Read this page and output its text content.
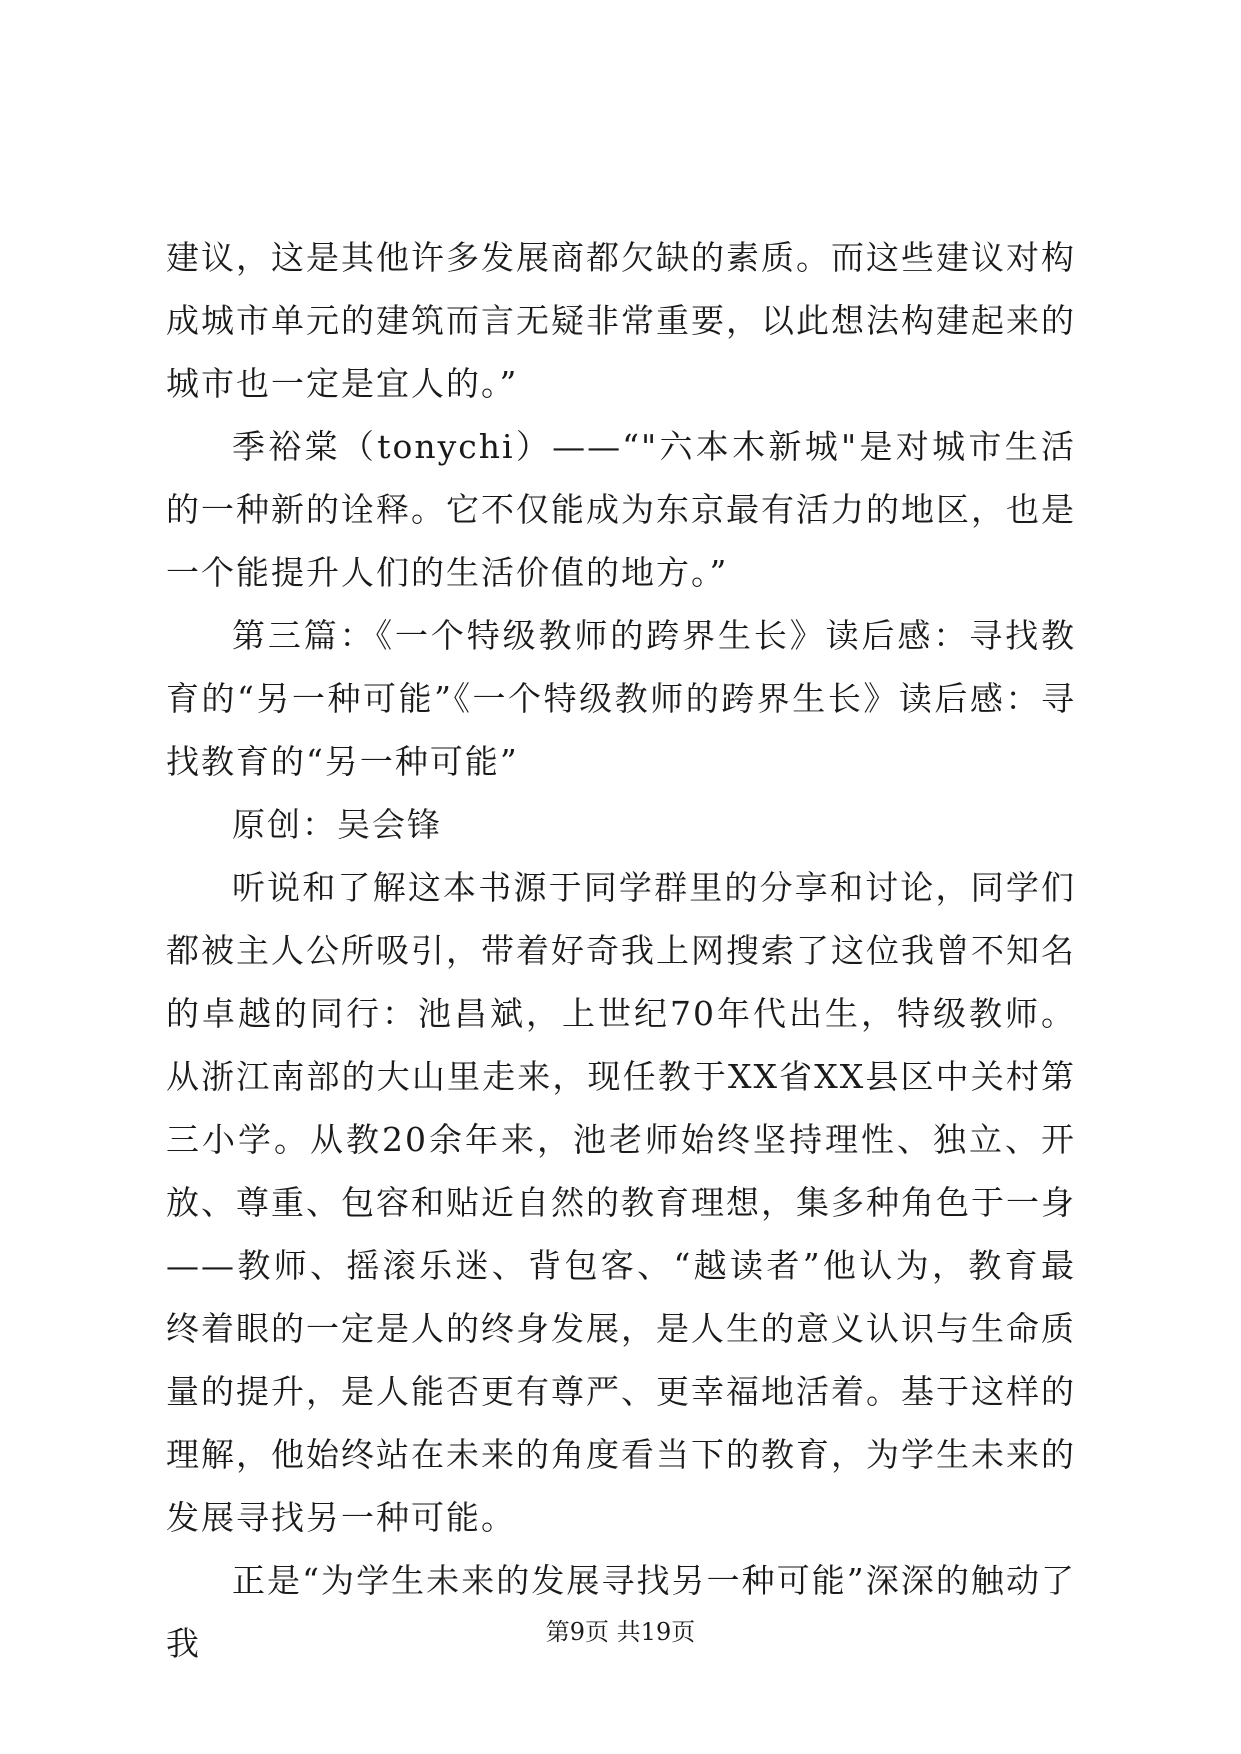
建议，这是其他许多发展商都欠缺的素质。而这些建议对构成城市单元的建筑而言无疑非常重要，以此想法构建起来的城市也一定是宜人的。”

季裕棠（tonychi）——“"六本木新城"是对城市生活的一种新的诠释。它不仅能成为东京最有活力的地区，也是一个能提升人们的生活价值的地方。”

第三篇：《一个特级教师的跨界生长》读后感：寻找教育的“另一种可能”《一个特级教师的跨界生长》读后感：寻找教育的“另一种可能”

原创：吴会锋

听说和了解这本书源于同学群里的分享和讨论，同学们都被主人公所吸引，带着好奇我上网搜索了这位我曾不知名的卓越的同行：池昌斌，上世纪70年代出生，特级教师。从浙江南部的大山里走来，现任教于XX省XX县区中关村第三小学。从教20余年来，池老师始终坚持理性、独立、开放、尊重、包容和贴近自然的教育理想，集多种角色于一身——教师、摇滚乐迷、背包客、“越读者”他认为，教育最终着眼的一定是人的终身发展，是人生的意义认识与生命质量的提升，是人能否更有尊严、更幸福地活着。基于这样的理解，他始终站在未来的角度看当下的教育，为学生未来的发展寻找另一种可能。

正是“为学生未来的发展寻找另一种可能”深深的触动了我	第9页 共19页
